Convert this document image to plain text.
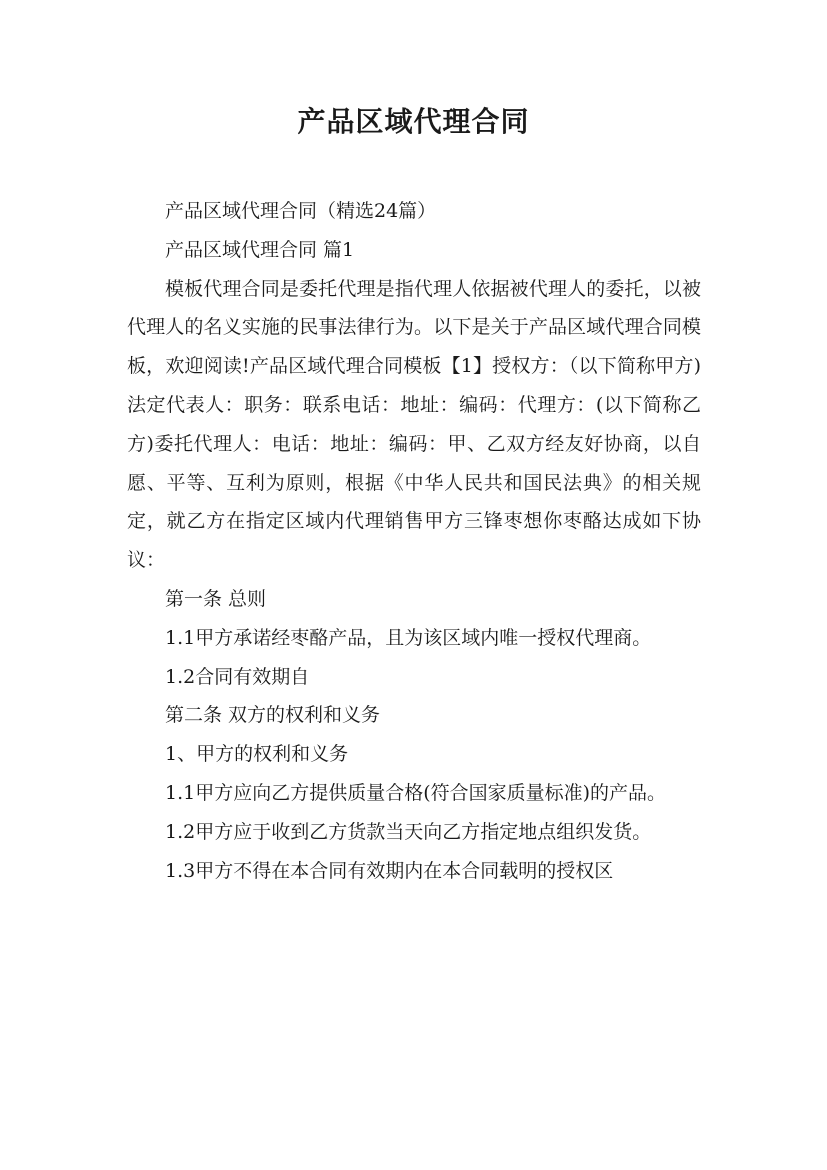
产品区域代理合同

产品区域代理合同（精选24篇）

产品区域代理合同 篇1

模板代理合同是委托代理是指代理人依据被代理人的委托，以被代理人的名义实施的民事法律行为。以下是关于产品区域代理合同模板，欢迎阅读!产品区域代理合同模板【1】授权方：（以下简称甲方)法定代表人：职务：联系电话：地址：编码：代理方：(以下简称乙方)委托代理人：电话：地址：编码：甲、乙双方经友好协商，以自愿、平等、互利为原则，根据《中华人民共和国民法典》的相关规定，就乙方在指定区域内代理销售甲方三锋枣想你枣酪达成如下协议：

第一条 总则

1.1甲方承诺经枣酪产品，且为该区域内唯一授权代理商。

1.2合同有效期自

第二条 双方的权利和义务

1、甲方的权利和义务

1.1甲方应向乙方提供质量合格(符合国家质量标准)的产品。

1.2甲方应于收到乙方货款当天向乙方指定地点组织发货。

1.3甲方不得在本合同有效期内在本合同载明的授权区
